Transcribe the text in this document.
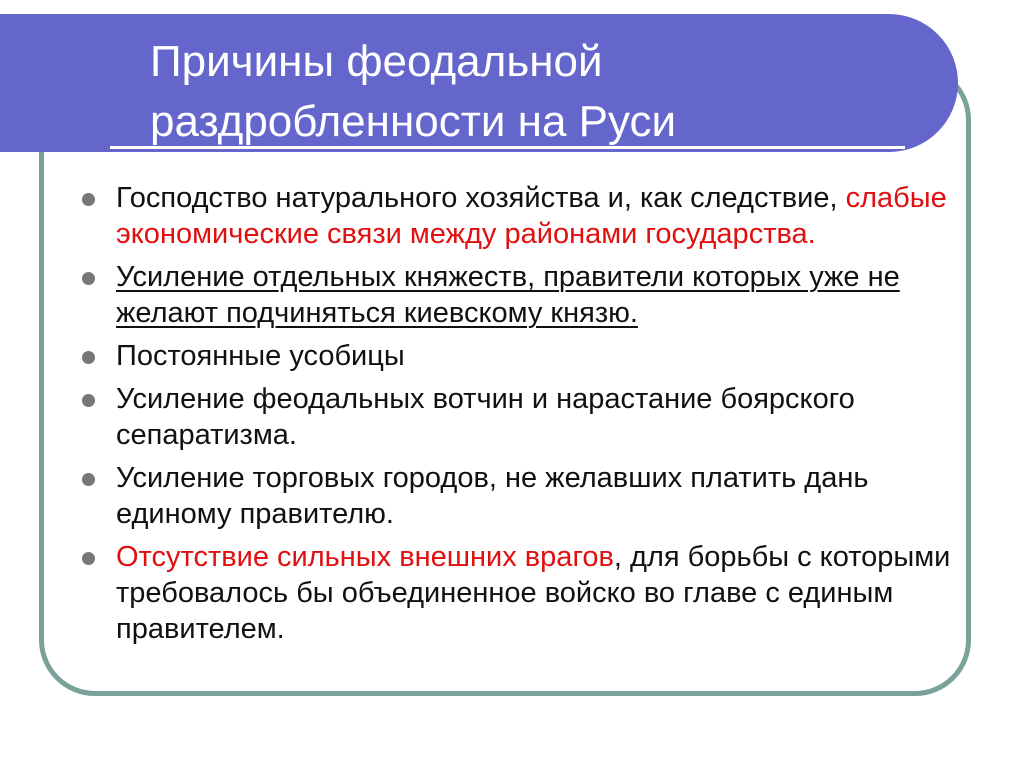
Причины феодальной
раздробленности на Руси
Господство натурального хозяйства и, как следствие, слабые экономические связи между районами государства.
Усиление отдельных княжеств, правители которых уже не желают подчиняться киевскому князю.
Постоянные усобицы
Усиление феодальных вотчин и нарастание боярского сепаратизма.
Усиление торговых городов, не желавших платить дань единому правителю.
Отсутствие сильных внешних врагов, для борьбы с которыми требовалось бы объединенное войско во главе с единым правителем.
